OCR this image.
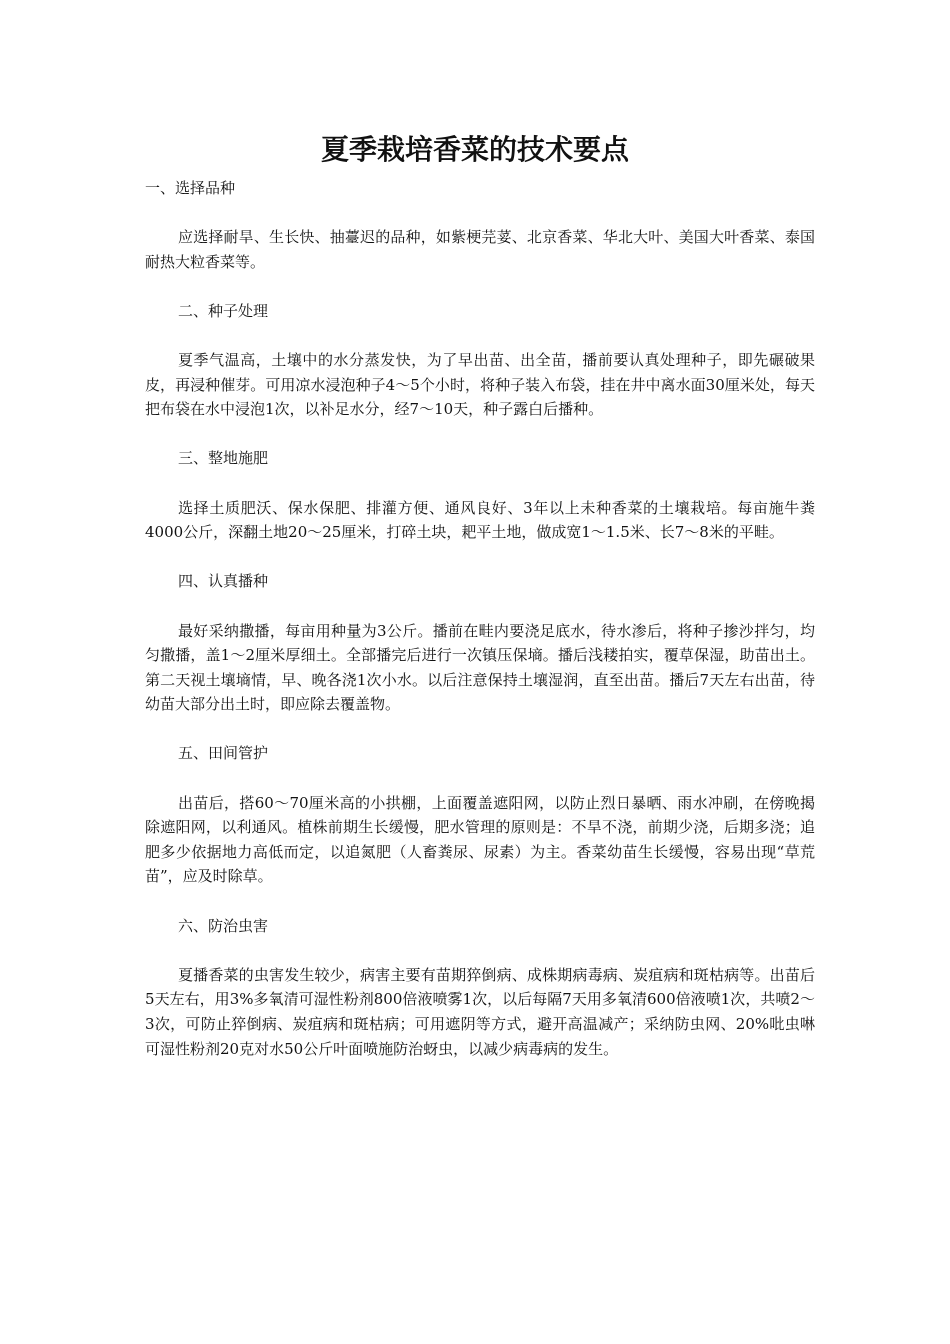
夏季栽培香菜的技术要点

一、选择品种

应选择耐旱、生长快、抽薹迟的品种，如紫梗芫荽、北京香菜、华北大叶、美国大叶香菜、泰国耐热大粒香菜等。

二、种子处理

夏季气温高，土壤中的水分蒸发快，为了早出苗、出全苗，播前要认真处理种子，即先碾破果皮，再浸种催芽。可用凉水浸泡种子4～5个小时，将种子装入布袋，挂在井中离水面30厘米处，每天把布袋在水中浸泡1次，以补足水分，经7～10天，种子露白后播种。

三、整地施肥

选择土质肥沃、保水保肥、排灌方便、通风良好、3年以上未种香菜的土壤栽培。每亩施牛粪4000公斤，深翻土地20～25厘米，打碎土块，耙平土地，做成宽1～1.5米、长7～8米的平畦。

四、认真播种

最好采纳撒播，每亩用种量为3公斤。播前在畦内要浇足底水，待水渗后，将种子掺沙拌匀，均匀撒播，盖1～2厘米厚细土。全部播完后进行一次镇压保墒。播后浅耧拍实，覆草保湿，助苗出土。第二天视土壤墒情，早、晚各浇1次小水。以后注意保持土壤湿润，直至出苗。播后7天左右出苗，待幼苗大部分出土时，即应除去覆盖物。

五、田间管护

出苗后，搭60～70厘米高的小拱棚，上面覆盖遮阳网，以防止烈日暴晒、雨水冲刷，在傍晚揭除遮阳网，以利通风。植株前期生长缓慢，肥水管理的原则是：不旱不浇，前期少浇，后期多浇；追肥多少依据地力高低而定，以追氮肥（人畜粪尿、尿素）为主。香菜幼苗生长缓慢，容易出现“草荒苗”，应及时除草。

六、防治虫害

夏播香菜的虫害发生较少，病害主要有苗期猝倒病、成株期病毒病、炭疽病和斑枯病等。出苗后5天左右，用3%多氧清可湿性粉剂800倍液喷雾1次，以后每隔7天用多氧清600倍液喷1次，共喷2～3次，可防止猝倒病、炭疽病和斑枯病；可用遮阴等方式，避开高温减产；采纳防虫网、20%吡虫啉可湿性粉剂20克对水50公斤叶面喷施防治蚜虫，以减少病毒病的发生。
